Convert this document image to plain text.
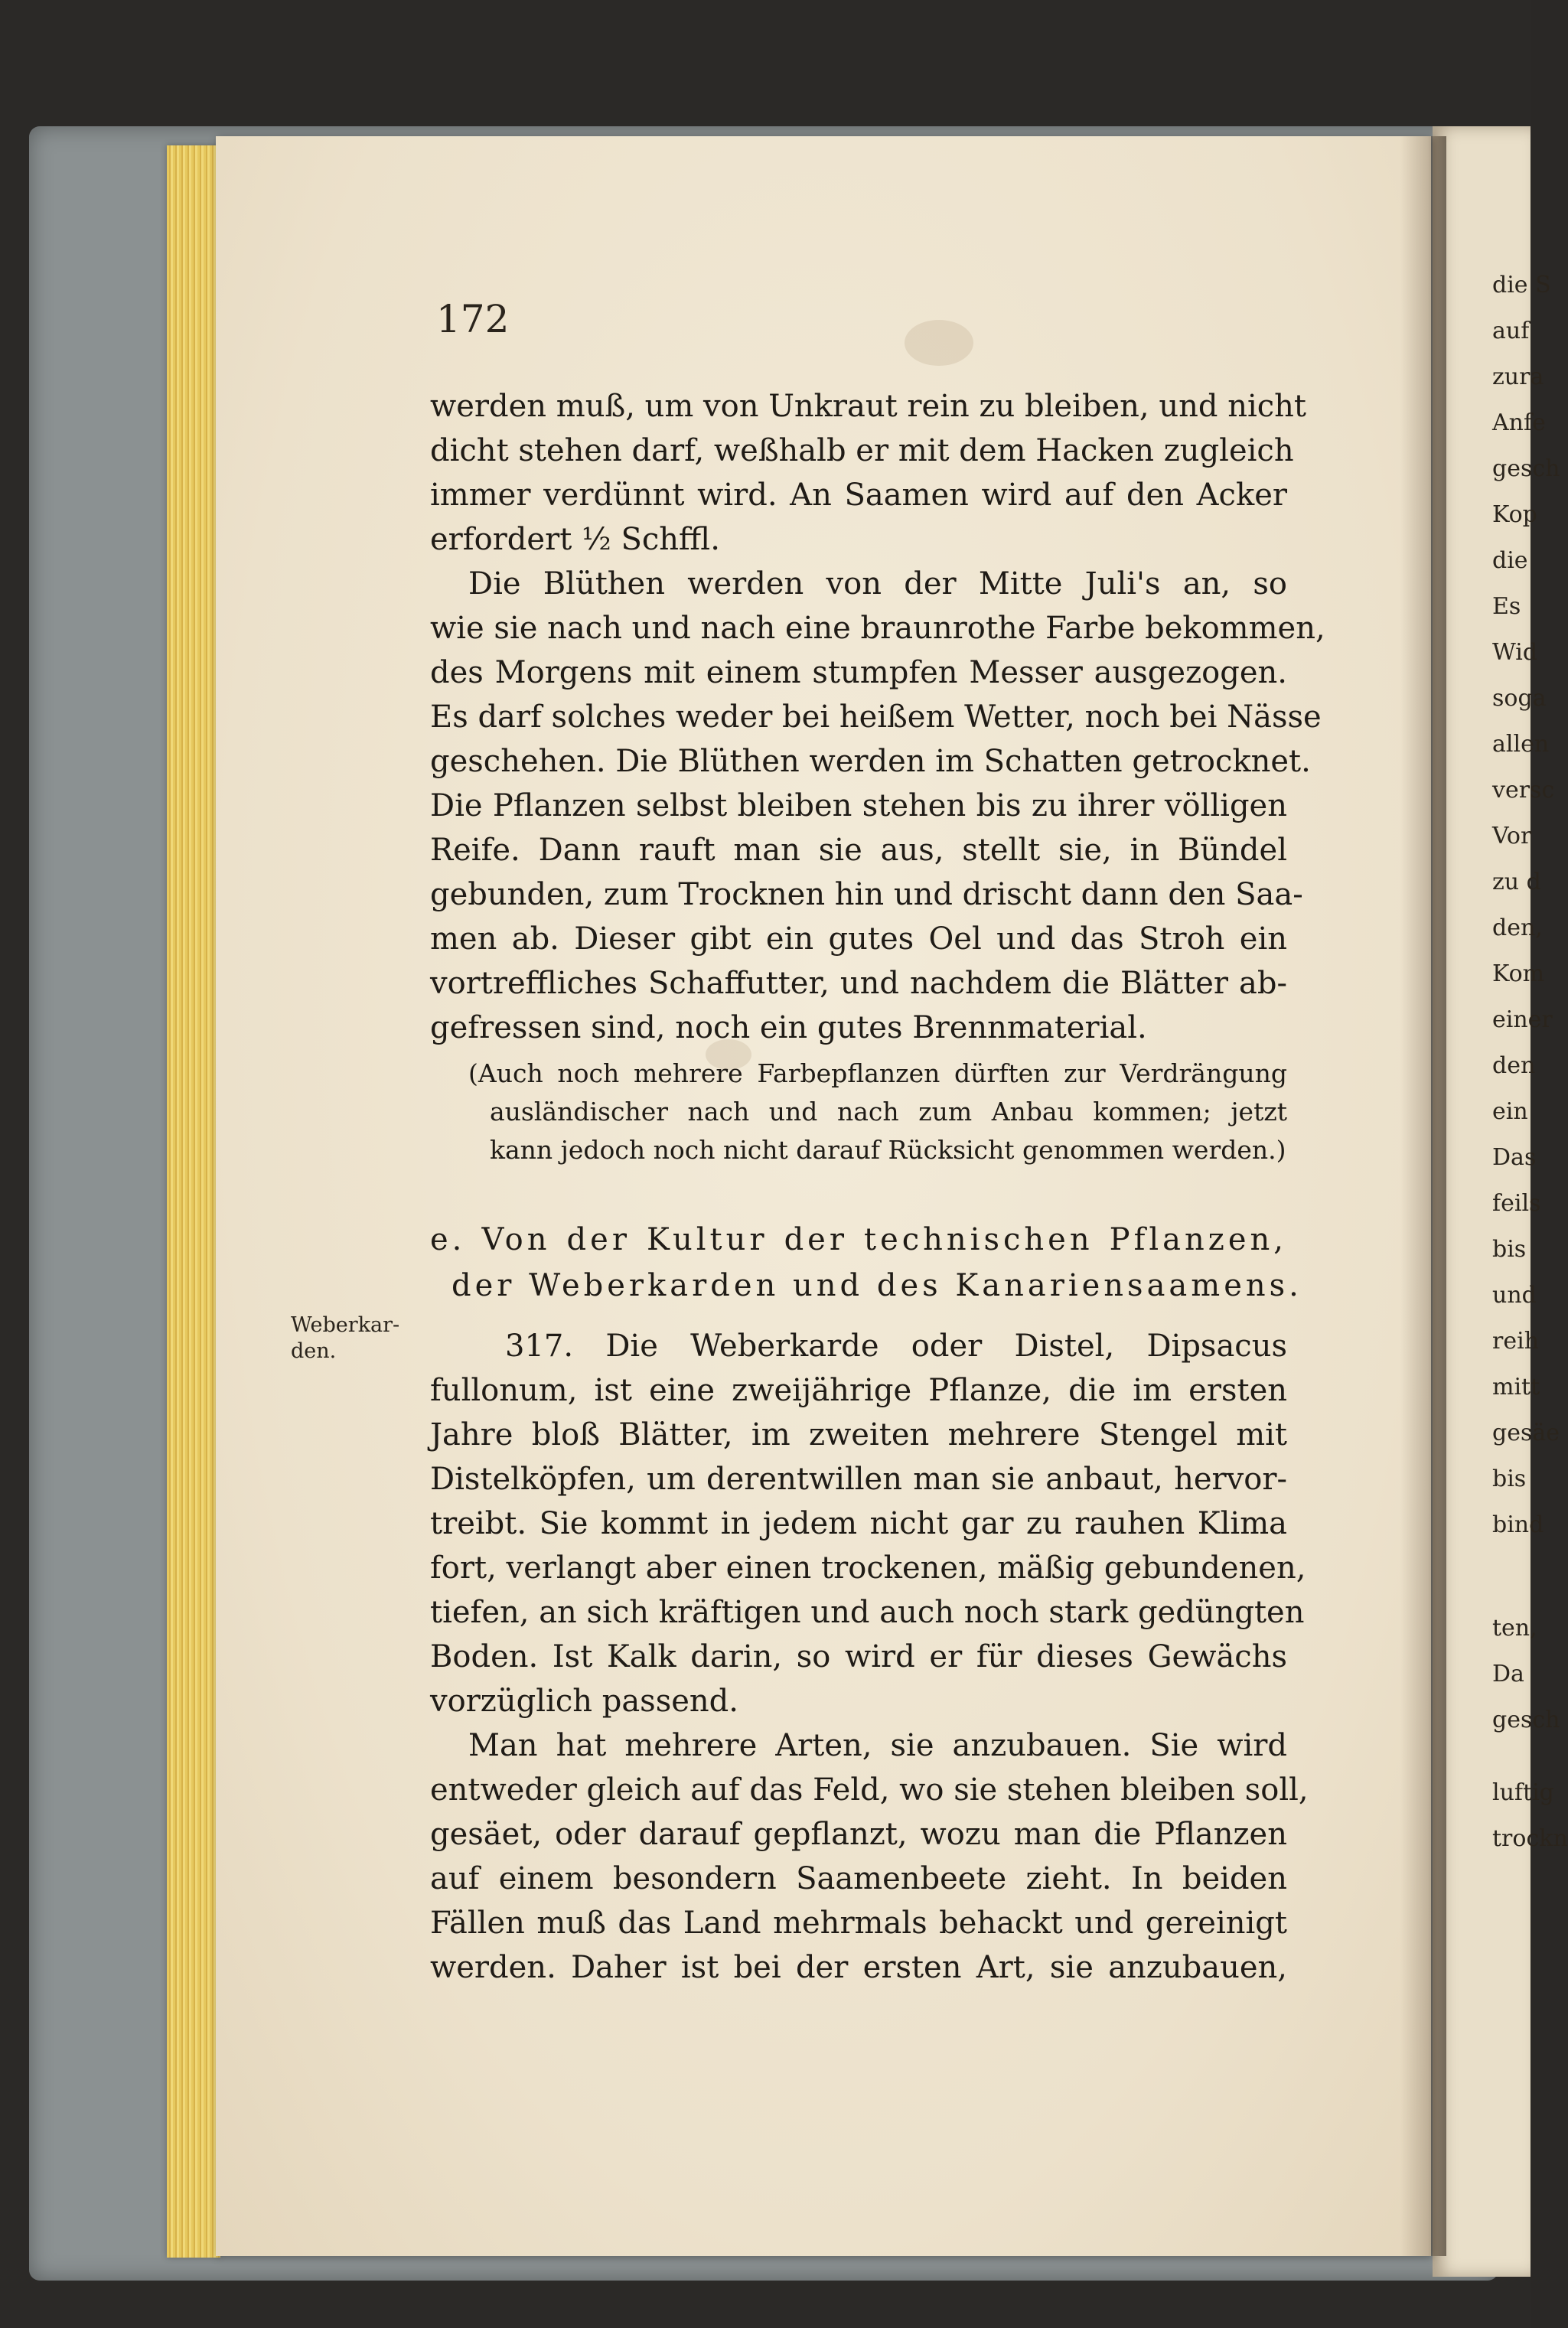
die S
auf
zura
Anfe
gesch
Kop
die
Es
Wid
soga
allen
versc
Vor
zu d
den,
Kom
einer
den
ein
Das
feils
bis
und
reih
mitt
gesäe
bis
bind
ten,
Da
gesch
luftig
trockn
172
werden muß, um von Unkraut rein zu bleiben, und nicht
dicht stehen darf, weßhalb er mit dem Hacken zugleich
immer verdünnt wird. An Saamen wird auf den Acker
erfordert ½ Schffl.
Die Blüthen werden von der Mitte Juli's an, so
wie sie nach und nach eine braunrothe Farbe bekommen,
des Morgens mit einem stumpfen Messer ausgezogen.
Es darf solches weder bei heißem Wetter, noch bei Nässe
geschehen. Die Blüthen werden im Schatten getrocknet.
Die Pflanzen selbst bleiben stehen bis zu ihrer völligen
Reife. Dann rauft man sie aus, stellt sie, in Bündel
gebunden, zum Trocknen hin und drischt dann den Saa-
men ab. Dieser gibt ein gutes Oel und das Stroh ein
vortreffliches Schaffutter, und nachdem die Blätter ab-
gefressen sind, noch ein gutes Brennmaterial.
(Auch noch mehrere Farbepflanzen dürften zur Verdrängung
ausländischer nach und nach zum Anbau kommen; jetzt
kann jedoch noch nicht darauf Rücksicht genommen werden.)
e. Von der Kultur der technischen Pflanzen,
der Weberkarden und des Kanariensaamens.
Weberkar-den.	317. Die Weberkarde oder Distel, Dipsacus
fullonum, ist eine zweijährige Pflanze, die im ersten
Jahre bloß Blätter, im zweiten mehrere Stengel mit
Distelköpfen, um derentwillen man sie anbaut, hervor-
treibt. Sie kommt in jedem nicht gar zu rauhen Klima
fort, verlangt aber einen trockenen, mäßig gebundenen,
tiefen, an sich kräftigen und auch noch stark gedüngten
Boden. Ist Kalk darin, so wird er für dieses Gewächs
vorzüglich passend.
Man hat mehrere Arten, sie anzubauen. Sie wird
entweder gleich auf das Feld, wo sie stehen bleiben soll,
gesäet, oder darauf gepflanzt, wozu man die Pflanzen
auf einem besondern Saamenbeete zieht. In beiden
Fällen muß das Land mehrmals behackt und gereinigt
werden. Daher ist bei der ersten Art, sie anzubauen,
